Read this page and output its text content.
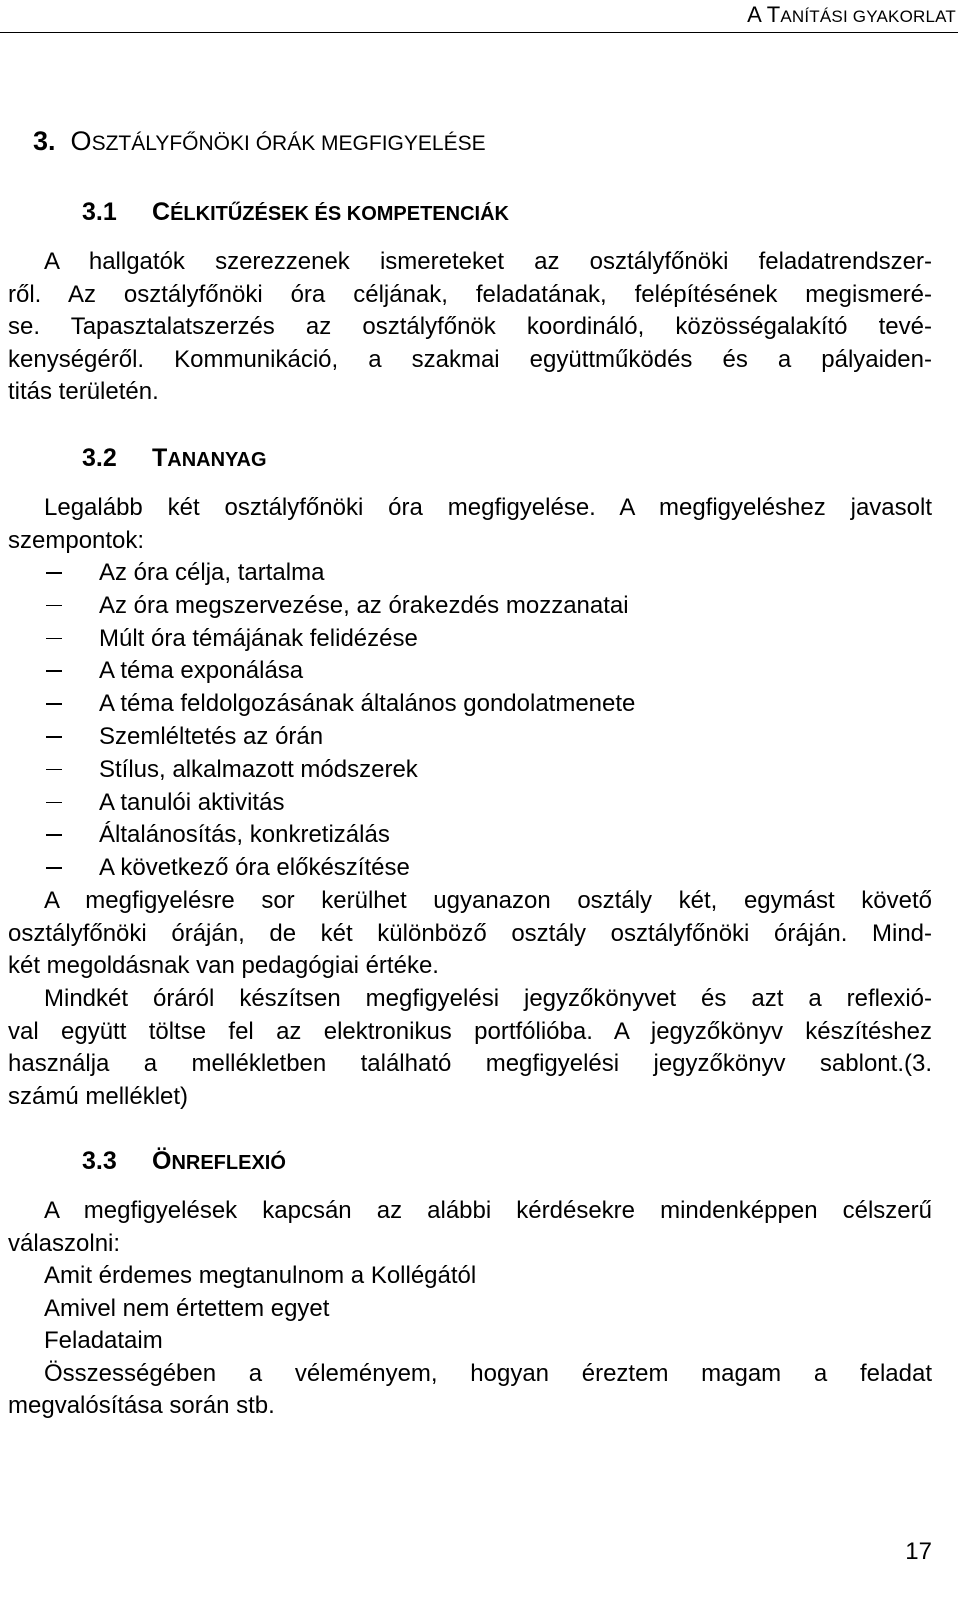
A TANÍTÁSI GYAKORLAT
3. OSZTÁLYFŐNÖKI ÓRÁK MEGFIGYELÉSE
3.1 CÉLKITŰZÉSEK ÉS KOMPETENCIÁK
A hallgatók szerezzenek ismereteket az osztályfőnöki feladatrendszer-
ről. Az osztályfőnöki óra céljának, feladatának, felépítésének megismeré-
se. Tapasztalatszerzés az osztályfőnök koordináló, közösségalakító tevé-
kenységéről. Kommunikáció, a szakmai együttműködés és a pályaiden-
titás területén.
3.2 TANANYAG
Legalább két osztályfőnöki óra megfigyelése. A megfigyeléshez javasolt
szempontok:
Az óra célja, tartalma
Az óra megszervezése, az órakezdés mozzanatai
Múlt óra témájának felidézése
A téma exponálása
A téma feldolgozásának általános gondolatmenete
Szemléltetés az órán
Stílus, alkalmazott módszerek
A tanulói aktivitás
Általánosítás, konkretizálás
A következő óra előkészítése
A megfigyelésre sor kerülhet ugyanazon osztály két, egymást követő
osztályfőnöki óráján, de két különböző osztály osztályfőnöki óráján. Mind-
két megoldásnak van pedagógiai értéke.
Mindkét óráról készítsen megfigyelési jegyzőkönyvet és azt a reflexió-
val együtt töltse fel az elektronikus portfólióba. A jegyzőkönyv készítéshez
használja a mellékletben található megfigyelési jegyzőkönyv sablont.(3.
számú melléklet)
3.3 ÖNREFLEXIÓ
A megfigyelések kapcsán az alábbi kérdésekre mindenképpen célszerű
válaszolni:
Amit érdemes megtanulnom a Kollégától
Amivel nem értettem egyet
Feladataim
Összességében a véleményem, hogyan éreztem magam a feladat
megvalósítása során stb.
17
